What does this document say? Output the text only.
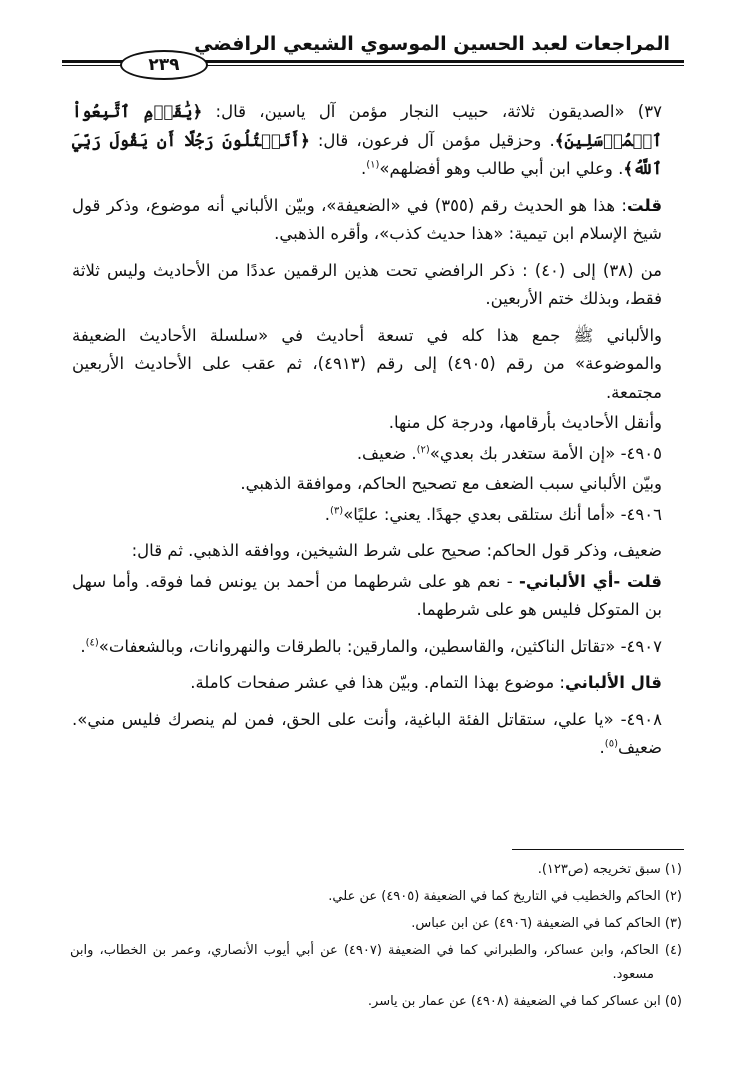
المراجعات لعبد الحسين الموسوي الشيعي الرافضي
٢٣٩

٣٧) «الصديقون ثلاثة، حبيب النجار مؤمن آل ياسين، قال: ﴿يَٰقَوۡمِ ٱتَّبِعُواْ ٱلۡمُرۡسَلِينَ﴾. وحزقيل مؤمن آل فرعون، قال: ﴿أَتَقۡتُلُونَ رَجُلًا أَن يَقُولَ رَبِّيَ ٱللَّهُ﴾. وعلي ابن أبي طالب وهو أفضلهم»$^{(١)}$.

قلت: هذا هو الحديث رقم (٣٥٥) في «الضعيفة»، وبيّن الألباني أنه موضوع، وذكر قول شيخ الإسلام ابن تيمية: «هذا حديث كذب»، وأقره الذهبي.

من (٣٨) إلى (٤٠) : ذكر الرافضي تحت هذين الرقمين عددًا من الأحاديث وليس ثلاثة فقط، وبذلك ختم الأربعين.

والألباني ﷺ جمع هذا كله في تسعة أحاديث في «سلسلة الأحاديث الضعيفة والموضوعة» من رقم (٤٩٠٥) إلى رقم (٤٩١٣)، ثم عقب على الأحاديث الأربعين مجتمعة.

وأنقل الأحاديث بأرقامها، ودرجة كل منها.

٤٩٠٥- «إن الأمة ستغدر بك بعدي»$^{(٢)}$. ضعيف.

وبيّن الألباني سبب الضعف مع تصحيح الحاكم، وموافقة الذهبي.

٤٩٠٦- «أما أنك ستلقى بعدي جهدًا. يعني: عليًا»$^{(٣)}$.

ضعيف، وذكر قول الحاكم: صحيح على شرط الشيخين، ووافقه الذهبي. ثم قال:

قلت -أي الألباني- - نعم هو على شرطهما من أحمد بن يونس فما فوقه. وأما سهل بن المتوكل فليس هو على شرطهما.

٤٩٠٧- «تقاتل الناكثين، والقاسطين، والمارقين: بالطرقات والنهروانات، وبالشعفات»$^{(٤)}$.

قال الألباني: موضوع بهذا التمام. وبيّن هذا في عشر صفحات كاملة.

٤٩٠٨- «يا علي، ستقاتل الفئة الباغية، وأنت على الحق، فمن لم ينصرك فليس مني». ضعيف$^{(٥)}$.

(١) سبق تخريجه (ص١٢٣).

(٢) الحاكم والخطيب في التاريخ كما في الضعيفة (٤٩٠٥) عن علي.

(٣) الحاكم كما في الضعيفة (٤٩٠٦) عن ابن عباس.

(٤) الحاكم، وابن عساكر، والطبراني كما في الضعيفة (٤٩٠٧) عن أبي أيوب الأنصاري، وعمر بن الخطاب، وابن مسعود.

(٥) ابن عساكر كما في الضعيفة (٤٩٠٨) عن عمار بن ياسر.
